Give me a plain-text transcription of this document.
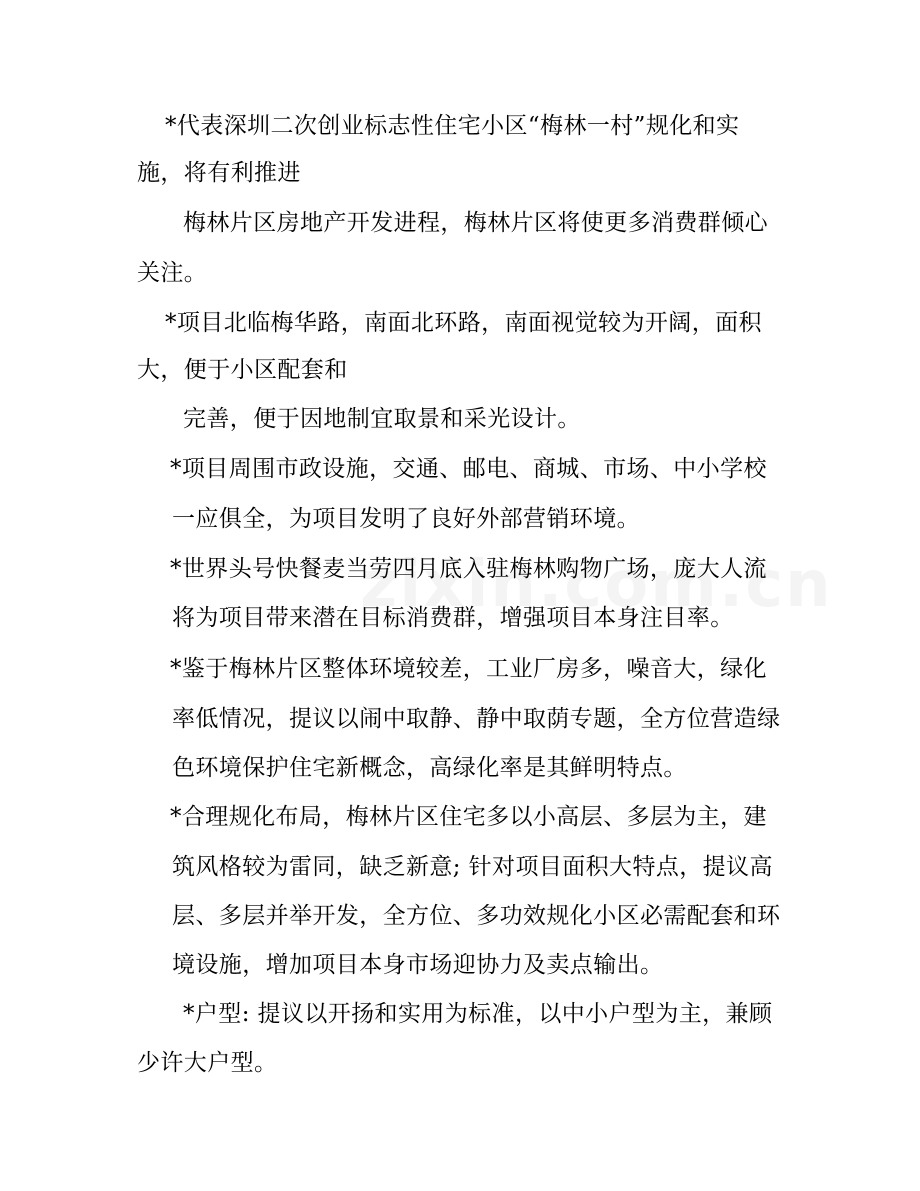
*代表深圳二次创业标志性住宅小区“梅林一村”规化和实

施，将有利推进

梅林片区房地产开发进程，梅林片区将使更多消费群倾心

关注。

*项目北临梅华路，南面北环路，南面视觉较为开阔，面积

大，便于小区配套和

完善，便于因地制宜取景和采光设计。

*项目周围市政设施，交通、邮电、商城、市场、中小学校

一应俱全，为项目发明了良好外部营销环境。

*世界头号快餐麦当劳四月底入驻梅林购物广场，庞大人流

将为项目带来潜在目标消费群，增强项目本身注目率。

*鉴于梅林片区整体环境较差，工业厂房多，噪音大，绿化

率低情况，提议以闹中取静、静中取荫专题，全方位营造绿

色环境保护住宅新概念，高绿化率是其鲜明特点。

*合理规化布局，梅林片区住宅多以小高层、多层为主，建

筑风格较为雷同，缺乏新意; 针对项目面积大特点，提议高

层、多层并举开发，全方位、多功效规化小区必需配套和环

境设施，增加项目本身市场迎协力及卖点输出。

*户型: 提议以开扬和实用为标准，以中小户型为主，兼顾

少许大户型。
